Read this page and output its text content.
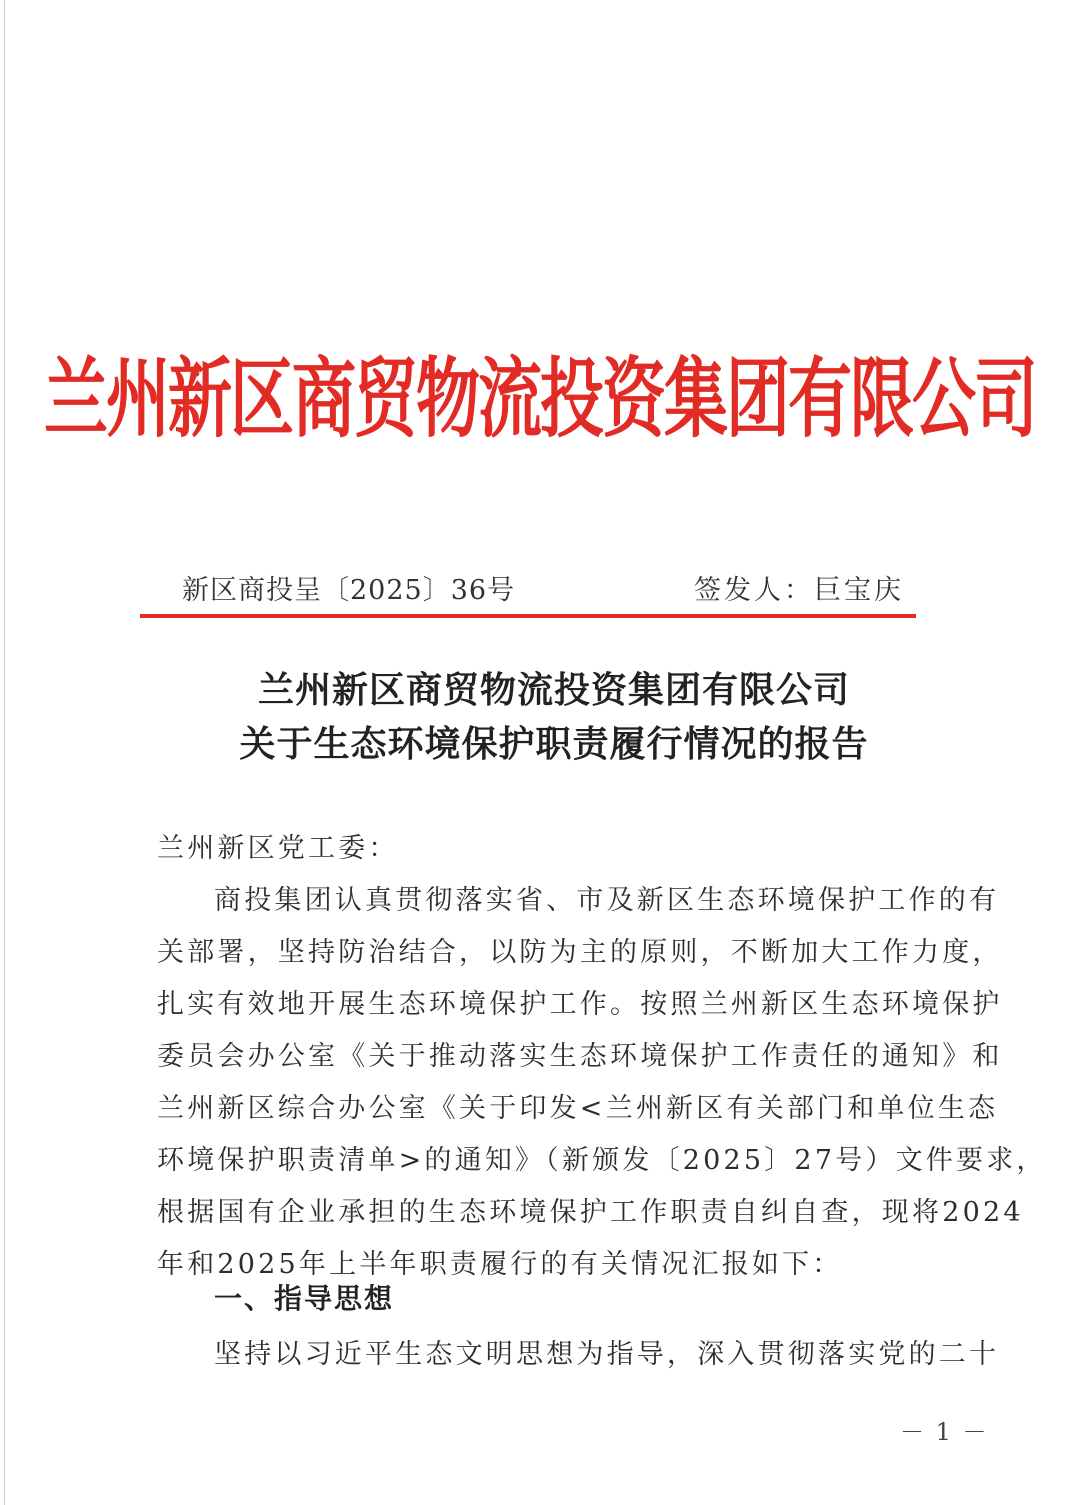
兰州新区商贸物流投资集团有限公司
新区商投呈〔2025〕36号	签发人：巨宝庆
兰州新区商贸物流投资集团有限公司
关于生态环境保护职责履行情况的报告
兰州新区党工委：
商投集团认真贯彻落实省、市及新区生态环境保护工作的有
关部署，坚持防治结合，以防为主的原则，不断加大工作力度，
扎实有效地开展生态环境保护工作。按照兰州新区生态环境保护
委员会办公室《关于推动落实生态环境保护工作责任的通知》和
兰州新区综合办公室《关于印发<兰州新区有关部门和单位生态
环境保护职责清单>的通知》（新颁发〔2025〕27号）文件要求，
根据国有企业承担的生态环境保护工作职责自纠自查，现将2024
年和2025年上半年职责履行的有关情况汇报如下：
一、指导思想
坚持以习近平生态文明思想为指导，深入贯彻落实党的二十
－ 1 －
